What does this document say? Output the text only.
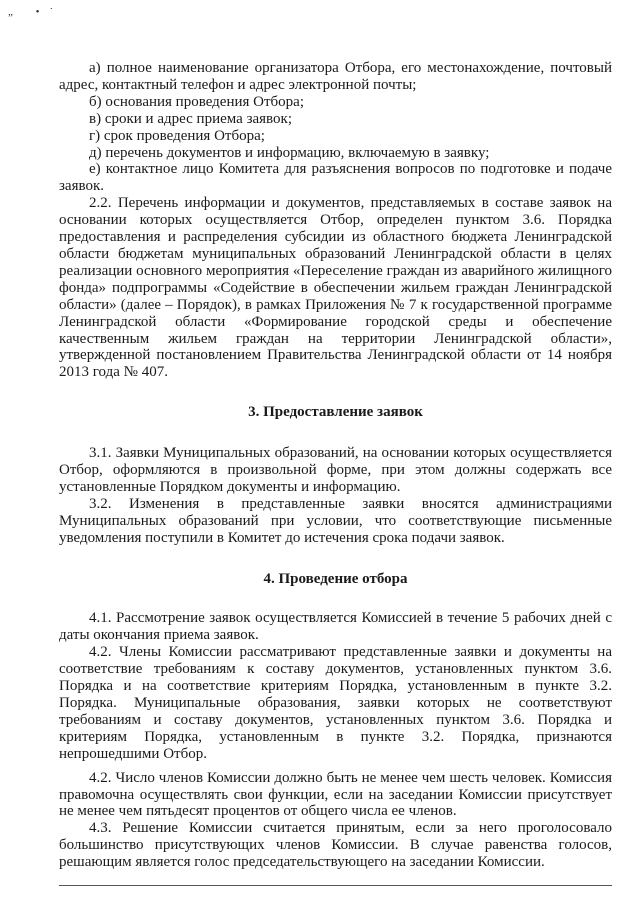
„ •˙

а) полное наименование организатора Отбора, его местонахождение, почтовый адрес, контактный телефон и адрес электронной почты;

б) основания проведения Отбора;

в) сроки и адрес приема заявок;

г) срок проведения Отбора;

д) перечень документов и информацию, включаемую в заявку;

е) контактное лицо Комитета для разъяснения вопросов по подготовке и подаче заявок.

2.2. Перечень информации и документов, представляемых в составе заявок на основании которых осуществляется Отбор, определен пунктом 3.6. Порядка предоставления и распределения субсидии из областного бюджета Ленинградской области бюджетам муниципальных образований Ленинградской области в целях реализации основного мероприятия «Переселение граждан из аварийного жилищного фонда» подпрограммы «Содействие в обеспечении жильем граждан Ленинградской области» (далее – Порядок), в рамках Приложения № 7 к государственной программе Ленинградской области «Формирование городской среды и обеспечение качественным жильем граждан на территории Ленинградской области», утвержденной постановлением Правительства Ленинградской области от 14 ноября 2013 года № 407.

3. Предоставление заявок

3.1. Заявки Муниципальных образований, на основании которых осуществляется Отбор, оформляются в произвольной форме, при этом должны содержать все установленные Порядком документы и информацию.

3.2. Изменения в представленные заявки вносятся администрациями Муниципальных образований при условии, что соответствующие письменные уведомления поступили в Комитет до истечения срока подачи заявок.

4. Проведение отбора

4.1. Рассмотрение заявок осуществляется Комиссией в течение 5 рабочих дней с даты окончания приема заявок.

4.2. Члены Комиссии рассматривают представленные заявки и документы на соответствие требованиям к составу документов, установленных пунктом 3.6. Порядка и на соответствие критериям Порядка, установленным в пункте 3.2. Порядка. Муниципальные образования, заявки которых не соответствуют требованиям и составу документов, установленных пунктом 3.6. Порядка и критериям Порядка, установленным в пункте 3.2. Порядка, признаются непрошедшими Отбор.

4.2. Число членов Комиссии должно быть не менее чем шесть человек. Комиссия правомочна осуществлять свои функции, если на заседании Комиссии присутствует не менее чем пятьдесят процентов от общего числа ее членов.

4.3. Решение Комиссии считается принятым, если за него проголосовало большинство присутствующих членов Комиссии. В случае равенства голосов, решающим является голос председательствующего на заседании Комиссии.
